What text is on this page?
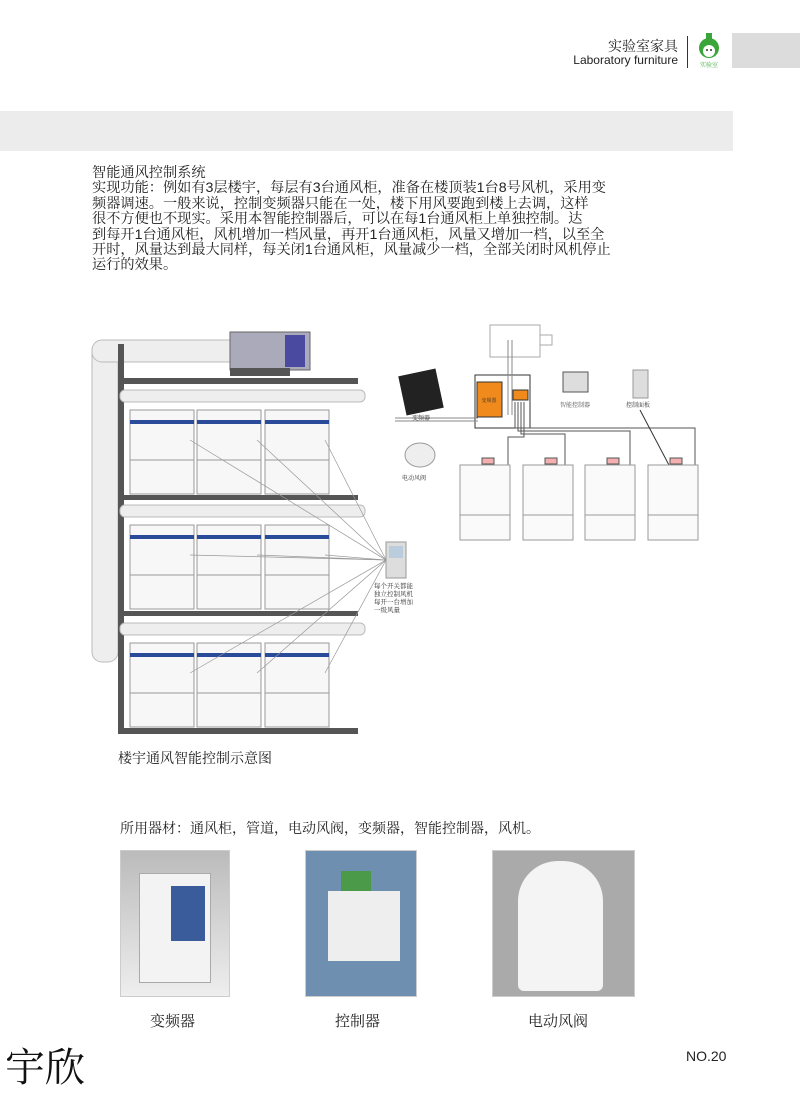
实验室家具
Laboratory furniture	实验室
智能通风控制系统
实现功能：例如有3层楼宇，每层有3台通风柜，准备在楼顶装1台8号风机，采用变
频器调速。一般来说，控制变频器只能在一处，楼下用风要跑到楼上去调，这样
很不方便也不现实。采用本智能控制器后，可以在每1台通风柜上单独控制。达
到每开1台通风柜，风机增加一档风量，再开1台通风柜，风量又增加一档，以至全
开时，风量达到最大同样，每关闭1台通风柜，风量减少一档，全部关闭时风机停止
运行的效果。
每个开关都能
独立控制风机
每开一台增加
一级风量
变频器
变频器
智能控制器	控制面板
电动风阀
楼宇通风智能控制示意图
所用器材：通风柜，管道，电动风阀，变频器，智能控制器，风机。
变频器	控制器	电动风阀
宇欣	NO.20
